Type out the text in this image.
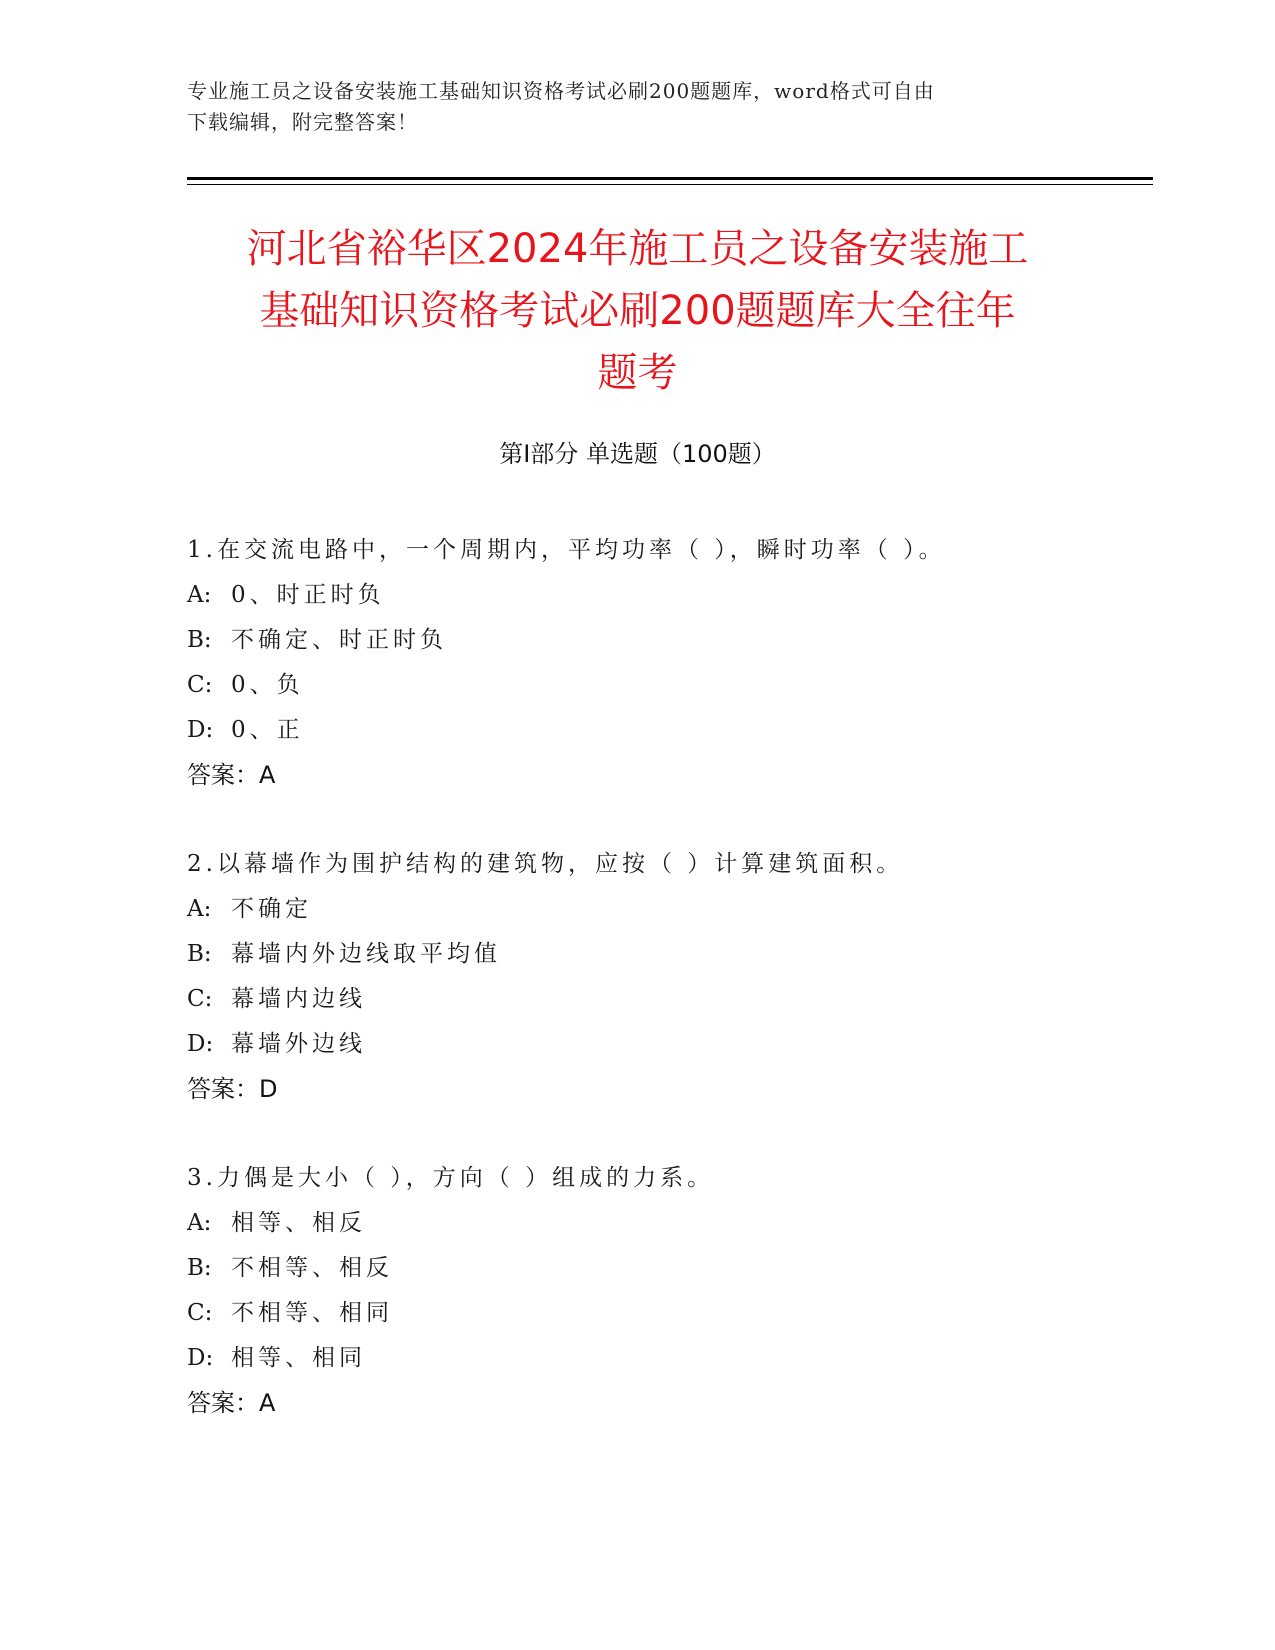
专业施工员之设备安装施工基础知识资格考试必刷200题题库，word格式可自由
下载编辑，附完整答案！
河北省裕华区2024年施工员之设备安装施工
基础知识资格考试必刷200题题库大全往年
题考
第Ⅰ部分 单选题（100题）
1.在交流电路中，一个周期内，平均功率（ ），瞬时功率（ ）。
A: 0、时正时负
B: 不确定、时正时负
C: 0、负
D: 0、正
答案：A
2.以幕墙作为围护结构的建筑物，应按（ ）计算建筑面积。
A: 不确定
B: 幕墙内外边线取平均值
C: 幕墙内边线
D: 幕墙外边线
答案：D
3.力偶是大小（ ），方向（ ）组成的力系。
A: 相等、相反
B: 不相等、相反
C: 不相等、相同
D: 相等、相同
答案：A
